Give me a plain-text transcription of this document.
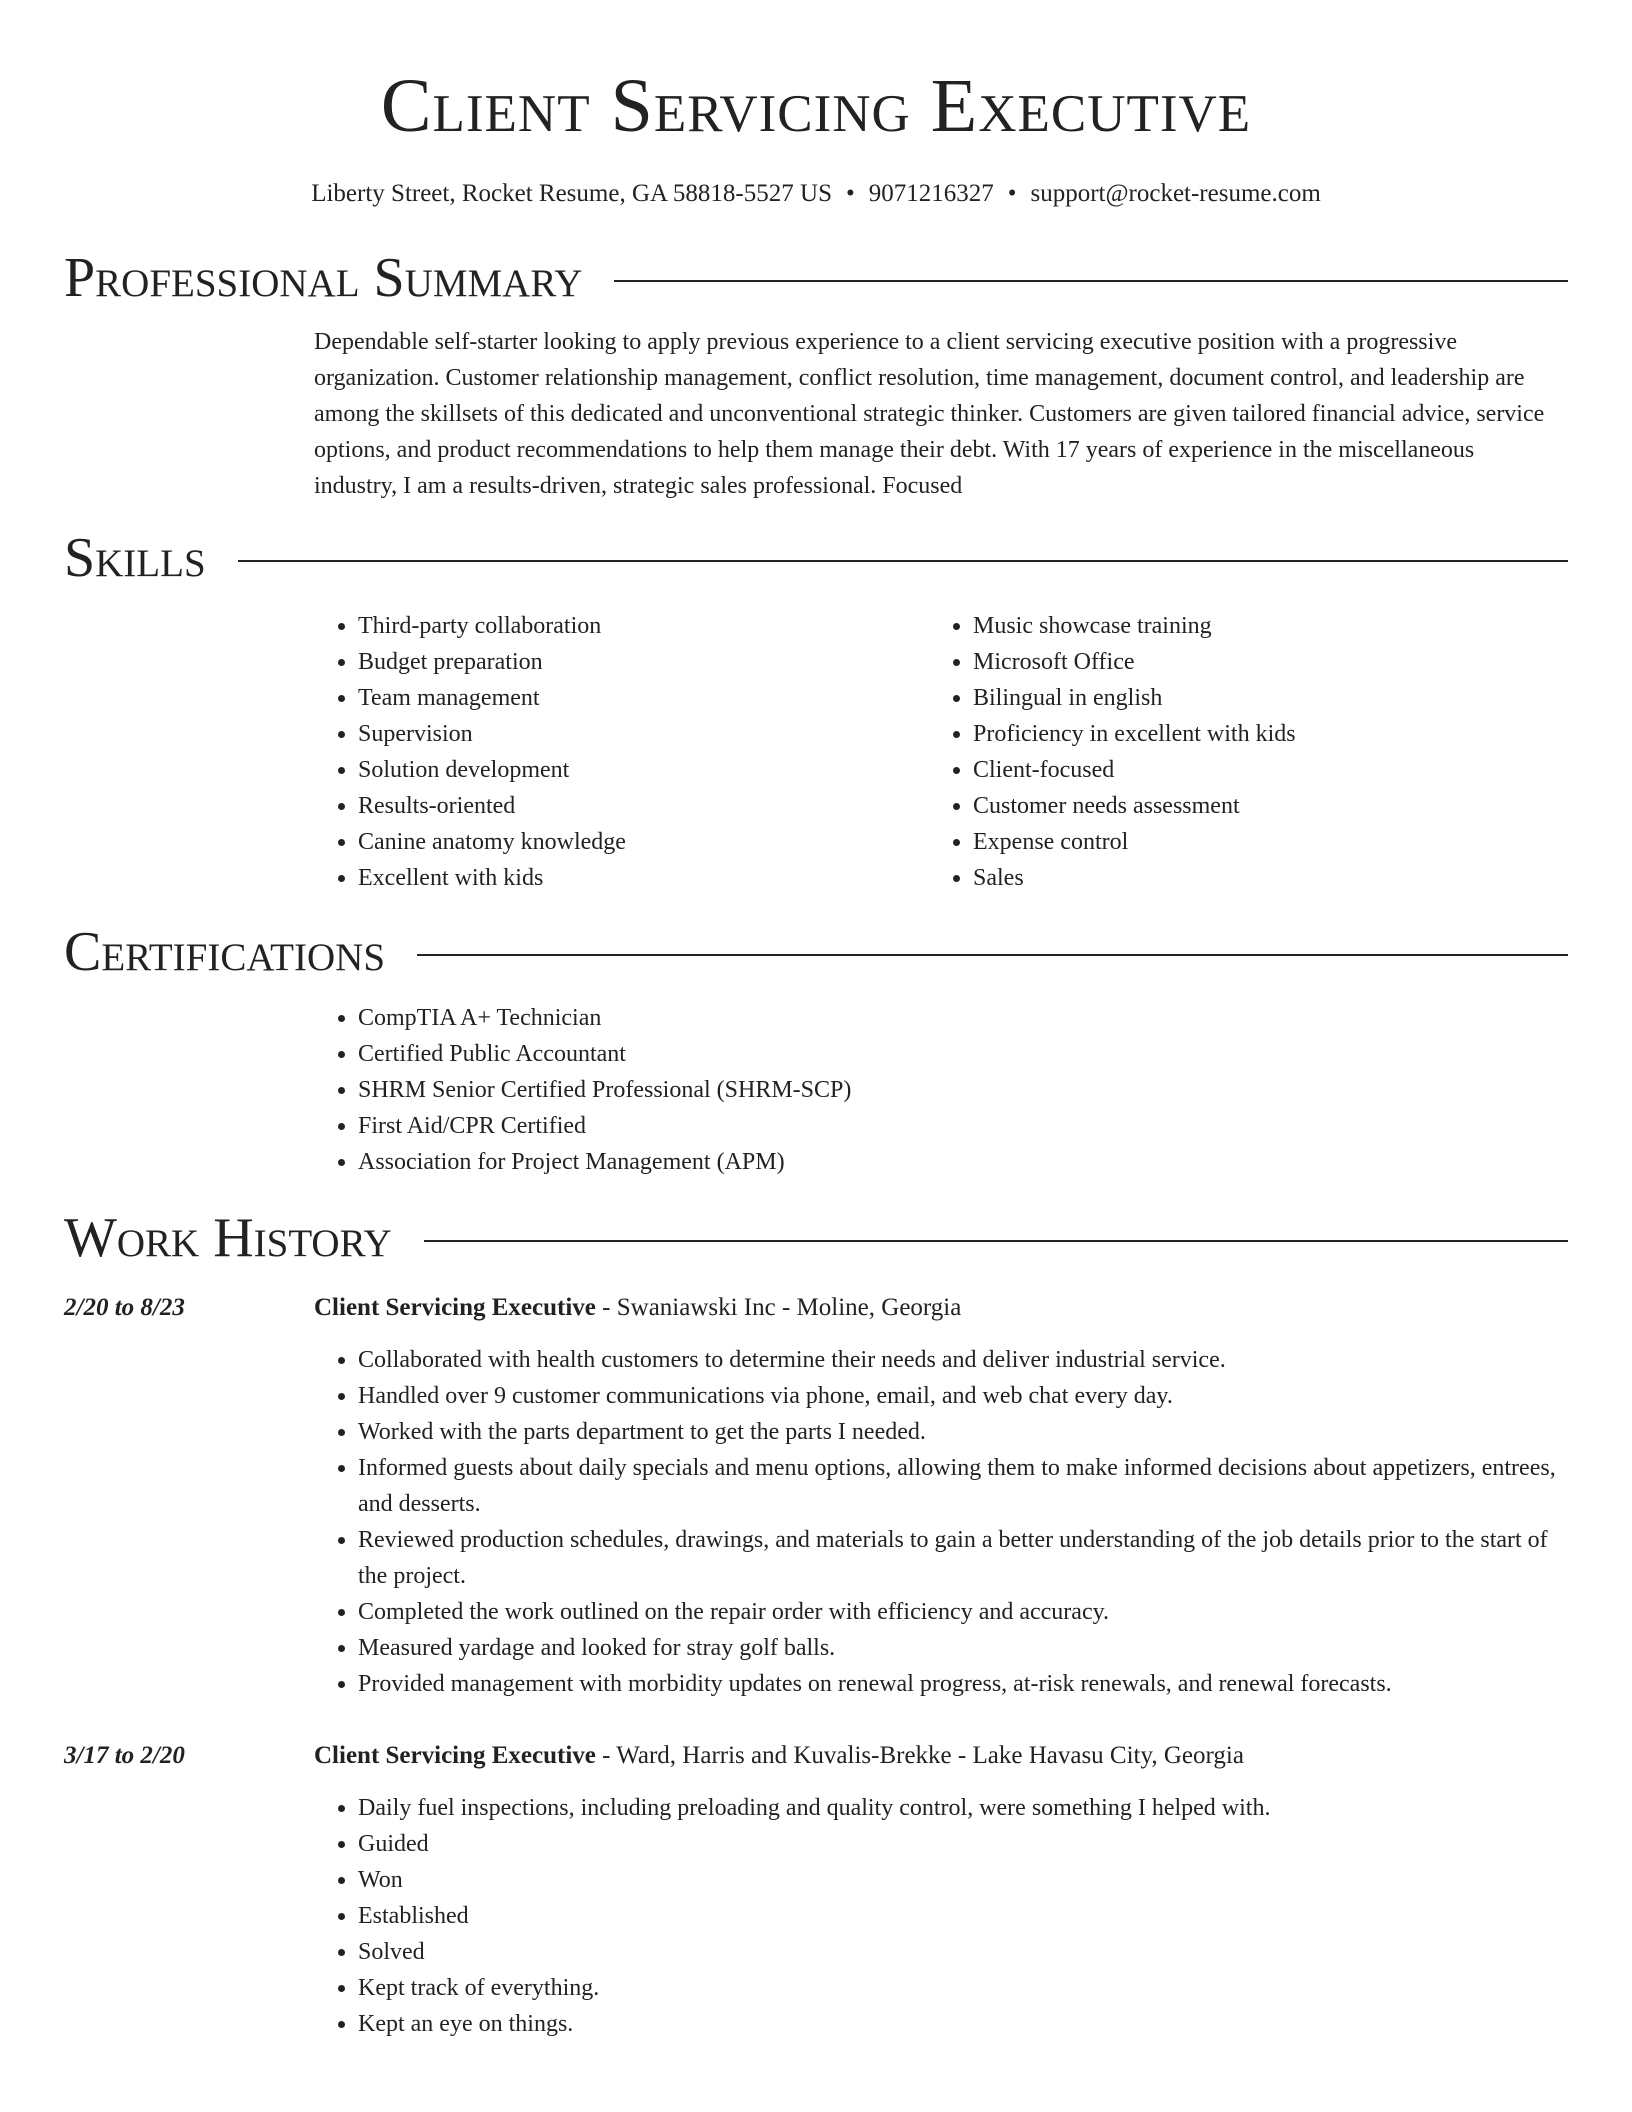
Client Servicing Executive
Liberty Street, Rocket Resume, GA 58818-5527 US • 9071216327 • support@rocket-resume.com
Professional Summary

Dependable self-starter looking to apply previous experience to a client servicing executive position with a progressive organization. Customer relationship management, conflict resolution, time management, document control, and leadership are among the skillsets of this dedicated and unconventional strategic thinker. Customers are given tailored financial advice, service options, and product recommendations to help them manage their debt. With 17 years of experience in the miscellaneous industry, I am a results-driven, strategic sales professional. Focused

Skills
• Third-party collaboration
• Budget preparation
• Team management
• Supervision
• Solution development
• Results-oriented
• Canine anatomy knowledge
• Excellent with kids
• Music showcase training
• Microsoft Office
• Bilingual in english
• Proficiency in excellent with kids
• Client-focused
• Customer needs assessment
• Expense control
• Sales
Certifications
• CompTIA A+ Technician
• Certified Public Accountant
• SHRM Senior Certified Professional (SHRM-SCP)
• First Aid/CPR Certified
• Association for Project Management (APM)
Work History
2/20 to 8/23	Client Servicing Executive - Swaniawski Inc - Moline, Georgia
• Collaborated with health customers to determine their needs and deliver industrial service.
• Handled over 9 customer communications via phone, email, and web chat every day.
• Worked with the parts department to get the parts I needed.
• Informed guests about daily specials and menu options, allowing them to make informed decisions about appetizers, entrees, and desserts.
• Reviewed production schedules, drawings, and materials to gain a better understanding of the job details prior to the start of the project.
• Completed the work outlined on the repair order with efficiency and accuracy.
• Measured yardage and looked for stray golf balls.
• Provided management with morbidity updates on renewal progress, at-risk renewals, and renewal forecasts.
3/17 to 2/20	Client Servicing Executive - Ward, Harris and Kuvalis-Brekke - Lake Havasu City, Georgia
• Daily fuel inspections, including preloading and quality control, were something I helped with.
• Guided
• Won
• Established
• Solved
• Kept track of everything.
• Kept an eye on things.
